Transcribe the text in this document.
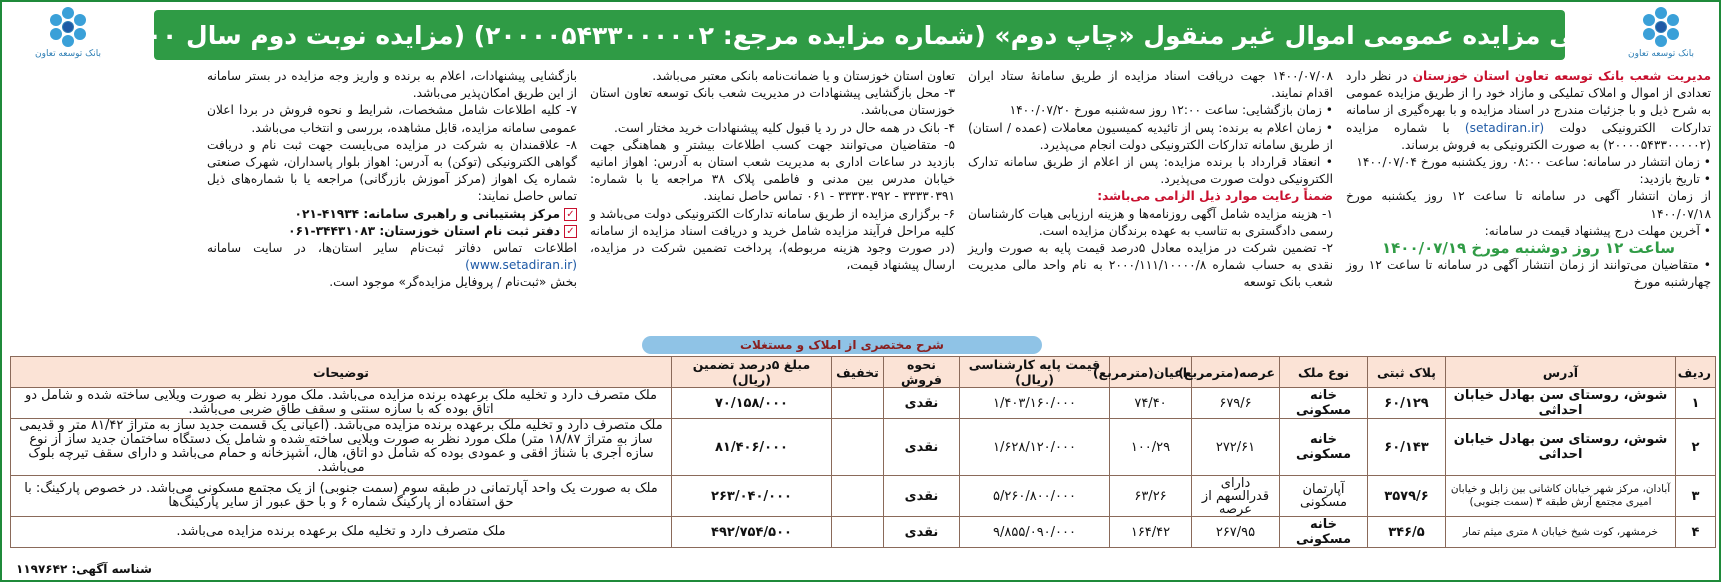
بانک توسعه تعاون
آگهی مزایده عمومی اموال غیر منقول «چاپ دوم» (شماره مزایده مرجع: ۲۰۰۰۰۵۴۳۳۰۰۰۰۰۲) (مزایده نوبت دوم سال ۱۴۰۰)
بانک توسعه تعاون

مدیریت شعب بانک توسعه تعاون استان خوزستان در نظر دارد تعدادی از اموال و املاک تملیکی و مازاد خود را از طریق مزایده عمومی به شرح ذیل و با جزئیات مندرج در اسناد مزایده و با بهره‌گیری از سامانه تدارکات الکترونیکی دولت (setadiran.ir) با شماره مزایده (۲۰۰۰۰۵۴۳۳۰۰۰۰۰۲) به صورت الکترونیکی به فروش برساند.

• زمان انتشار در سامانه: ساعت ۰۸:۰۰ روز یکشنبه مورخ ۱۴۰۰/۰۷/۰۴

• تاریخ بازدید:

از زمان انتشار آگهی در سامانه تا ساعت ۱۲ روز یکشنبه مورخ ۱۴۰۰/۰۷/۱۸

• آخرین مهلت درج پیشنهاد قیمت در سامانه:

ساعت ۱۲ روز دوشنبه مورخ ۱۴۰۰/۰۷/۱۹

• متقاضیان می‌توانند از زمان انتشار آگهی در سامانه تا ساعت ۱۲ روز چهارشنبه مورخ

۱۴۰۰/۰۷/۰۸ جهت دریافت اسناد مزایده از طریق سامانهٔ ستاد ایران اقدام نمایند.

• زمان بازگشایی: ساعت ۱۲:۰۰ روز سه‌شنبه مورخ ۱۴۰۰/۰۷/۲۰

• زمان اعلام به برنده: پس از تائیدیه کمیسیون معاملات (عمده / استان) از طریق سامانه تدارکات الکترونیکی دولت انجام می‌پذیرد.

• انعقاد قرارداد با برنده مزایده: پس از اعلام از طریق سامانه تدارک الکترونیکی دولت صورت می‌پذیرد.

ضمناً رعایت موارد ذیل الزامی می‌باشد:

۱- هزینه مزایده شامل آگهی روزنامه‌ها و هزینه ارزیابی هیات کارشناسان رسمی دادگستری به تناسب به عهده برندگان مزایده است.

۲- تضمین شرکت در مزایده معادل ۵درصد قیمت پایه به صورت واریز نقدی به حساب شماره ۲۰۰۰/۱۱۱/۱۰۰۰۰/۸ به نام واحد مالی مدیریت شعب بانک توسعه

تعاون استان خوزستان و یا ضمانت‌نامه بانکی معتبر می‌باشد.

۳- محل بازگشایی پیشنهادات در مدیریت شعب بانک توسعه تعاون استان خوزستان می‌باشد.

۴- بانک در همه حال در رد یا قبول کلیه پیشنهادات خرید مختار است.

۵- متقاضیان می‌توانند جهت کسب اطلاعات بیشتر و هماهنگی جهت بازدید در ساعات اداری به مدیریت شعب استان به آدرس: اهواز امانیه خیابان مدرس بین مدنی و فاطمی پلاک ۳۸ مراجعه یا با شماره: ۳۳۳۳۰۳۹۱ - ۳۳۳۳۰۳۹۲ - ۰۶۱ تماس حاصل نمایند.

۶- برگزاری مزایده از طریق سامانه تدارکات الکترونیکی دولت می‌باشد و کلیه مراحل فرآیند مزایده شامل خرید و دریافت اسناد مزایده از سامانه (در صورت وجود هزینه مربوطه)، پرداخت تضمین شرکت در مزایده، ارسال پیشنهاد قیمت،

بازگشایی پیشنهادات، اعلام به برنده و واریز وجه مزایده در بستر سامانه از این طریق امکان‌پذیر می‌باشد.

۷- کلیه اطلاعات شامل مشخصات، شرایط و نحوه فروش در بردا اعلان عمومی سامانه مزایده، قابل مشاهده، بررسی و انتخاب می‌باشد.

۸- علاقمندان به شرکت در مزایده می‌بایست جهت ثبت نام و دریافت گواهی الکترونیکی (توکن) به آدرس: اهواز بلوار پاسداران، شهرک صنعتی شماره یک اهواز (مرکز آموزش بازرگانی) مراجعه یا با شماره‌های ذیل تماس حاصل نمایند:

✓مرکز پشتیبانی و راهبری سامانه: ۴۱۹۳۴-۰۲۱

✓دفتر ثبت نام استان خوزستان: ۳۴۴۳۱۰۸۳-۰۶۱

اطلاعات تماس دفاتر ثبت‌نام سایر استان‌ها، در سایت سامانه (www.setadiran.ir)

بخش «ثبت‌نام / پروفایل مزایده‌گر» موجود است.

شرح مختصری از املاک و مستغلات
ردیف	آدرس	پلاک ثبتی	نوع ملک	عرصه(مترمربع)	اعیان(مترمربع)	قیمت پایه کارشناسی (ریال)	نحوه فروش	تخفیف	مبلغ ۵درصد تضمین (ریال)	توضیحات
۱	شوش، روستای سن بهادل خیابان احداثی	۶۰/۱۲۹	خانه مسکونی	۶۷۹/۶	۷۴/۴۰	۱/۴۰۳/۱۶۰/۰۰۰	نقدی		۷۰/۱۵۸/۰۰۰	ملک متصرف دارد و تخلیه ملک برعهده برنده مزایده می‌باشد. ملک مورد نظر به صورت ویلایی ساخته شده و شامل دو اتاق بوده که با سازه سنتی و سقف طاق ضربی می‌باشد.
۲	شوش، روستای سن بهادل خیابان احداثی	۶۰/۱۴۳	خانه مسکونی	۲۷۲/۶۱	۱۰۰/۲۹	۱/۶۲۸/۱۲۰/۰۰۰	نقدی		۸۱/۴۰۶/۰۰۰	ملک متصرف دارد و تخلیه ملک برعهده برنده مزایده می‌باشد. (اعیانی یک قسمت جدید ساز به متراژ ۸۱/۴۲ متر و قدیمی ساز به متراژ ۱۸/۸۷ متر) ملک مورد نظر به صورت ویلایی ساخته شده و شامل یک دستگاه ساختمان جدید ساز از نوع سازه آجری با شناژ افقی و عمودی بوده که شامل دو اتاق، هال، آشپزخانه و حمام می‌باشد و دارای سقف تیرچه بلوک می‌باشد.
۳	آبادان، مرکز شهر خیابان کاشانی بین زابل و خیابان امیری مجتمع آرش طبقه ۳ (سمت جنوبی)	۳۵۷۹/۶	آپارتمان مسکونی	دارای قدرالسهم از عرصه	۶۳/۲۶	۵/۲۶۰/۸۰۰/۰۰۰	نقدی		۲۶۳/۰۴۰/۰۰۰	ملک به صورت یک واحد آپارتمانی در طبقه سوم (سمت جنوبی) از یک مجتمع مسکونی می‌باشد. در خصوص پارکینگ: با حق استفاده از پارکینگ شماره ۶ و با حق عبور از سایر پارکینگ‌ها
۴	خرمشهر، کوت شیخ خیابان ۸ متری میثم تمار	۳۴۶/۵	خانه مسکونی	۲۶۷/۹۵	۱۶۴/۴۲	۹/۸۵۵/۰۹۰/۰۰۰	نقدی		۴۹۲/۷۵۴/۵۰۰	ملک متصرف دارد و تخلیه ملک برعهده برنده مزایده می‌باشد.
شناسه آگهی: ۱۱۹۷۶۴۲
